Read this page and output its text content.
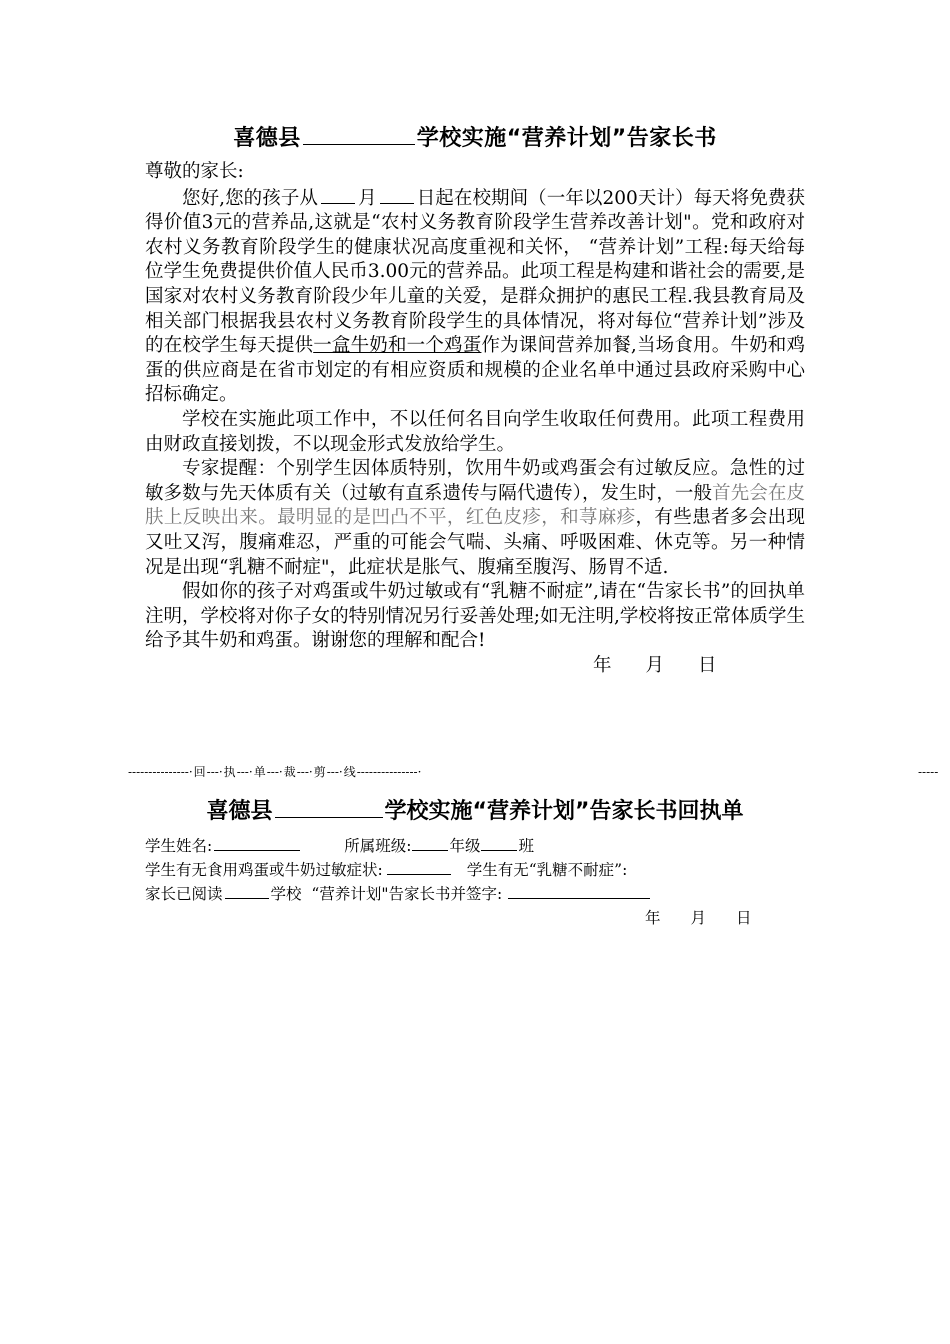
喜德县	学校实施“营养计划”告家长书

尊敬的家长:

您好,您的孩子从 月 日起在校期间（一年以200天计）每天将免费获得价值3元的营养品,这就是“农村义务教育阶段学生营养改善计划"。党和政府对农村义务教育阶段学生的健康状况高度重视和关怀， “营养计划”工程:每天给每位学生免费提供价值人民币3.00元的营养品。此项工程是构建和谐社会的需要,是国家对农村义务教育阶段少年儿童的关爱，是群众拥护的惠民工程.我县教育局及相关部门根据我县农村义务教育阶段学生的具体情况，将对每位“营养计划”涉及的在校学生每天提供一盒牛奶和一个鸡蛋作为课间营养加餐,当场食用。牛奶和鸡蛋的供应商是在省市划定的有相应资质和规模的企业名单中通过县政府采购中心招标确定。

学校在实施此项工作中，不以任何名目向学生收取任何费用。此项工程费用由财政直接划拨，不以现金形式发放给学生。

专家提醒：个别学生因体质特别，饮用牛奶或鸡蛋会有过敏反应。急性的过敏多数与先天体质有关（过敏有直系遗传与隔代遗传），发生时，一般首先会在皮肤上反映出来。最明显的是凹凸不平，红色皮疹，和荨麻疹，有些患者多会出现又吐又泻，腹痛难忍，严重的可能会气喘、头痛、呼吸困难、休克等。另一种情况是出现“乳糖不耐症"，此症状是胀气、腹痛至腹泻、肠胃不适.

假如你的孩子对鸡蛋或牛奶过敏或有“乳糖不耐症”,请在“告家长书”的回执单注明，学校将对你子女的特别情况另行妥善处理;如无注明,学校将按正常体质学生给予其牛奶和鸡蛋。谢谢您的理解和配合!

年 月 日

---------------·回---·执---·单---·裁---·剪---·线---------------·	-----
喜德县	学校实施“营养计划”告家长书回执单
学生姓名:	所属班级: 年级 班
学生有无食用鸡蛋或牛奶过敏症状:	学生有无“乳糖不耐症”:
家长已阅读	学校 “营养计划"告家长书并签字:
年 月 日
